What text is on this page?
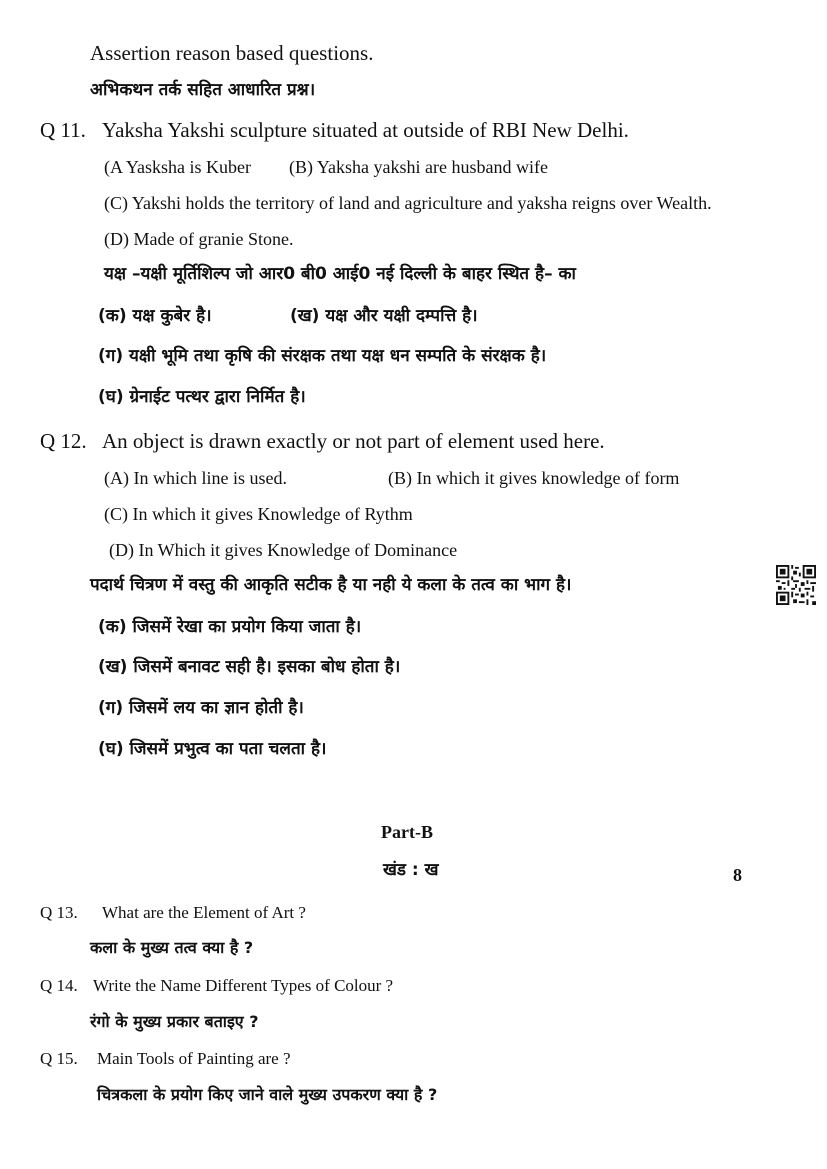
Assertion reason based questions.
अभिकथन तर्क सहित आधारित प्रश्न।
Q 11. Yaksha Yakshi sculpture situated at outside of RBI New Delhi.
(A Yasksha is Kuber (B) Yaksha yakshi are husband wife
(C) Yakshi holds the territory of land and agriculture and yaksha reigns over Wealth.
(D) Made of granie Stone.
यक्ष –यक्षी मूर्तिशिल्प जो आर0 बी0 आई0 नई दिल्ली के बाहर स्थित है– का
(क) यक्ष कुबेर है।	(ख) यक्ष और यक्षी दम्पत्ति है।
(ग) यक्षी भूमि तथा कृषि की संरक्षक तथा यक्ष धन सम्पति के संरक्षक है।
(घ) ग्रेनाईट पत्थर द्वारा निर्मित है।
Q 12. An object is drawn exactly or not part of element used here.
(A) In which line is used.	(B) In which it gives knowledge of form
(C) In which it gives Knowledge of Rythm
(D) In Which it gives Knowledge of Dominance
पदार्थ चित्रण में वस्तु की आकृति सटीक है या नही ये कला के तत्व का भाग है।
(क) जिसमें रेखा का प्रयोग किया जाता है।
(ख) जिसमें बनावट सही है। इसका बोध होता है।
(ग) जिसमें लय का ज्ञान होती है।
(घ) जिसमें प्रभुत्व का पता चलता है।
Part-B
खंड : ख	8
Q 13. What are the Element of Art ?
कला के मुख्य तत्व क्या है ?
Q 14. Write the Name Different Types of Colour ?
रंगो के मुख्य प्रकार बताइए ?
Q 15. Main Tools of Painting are ?
चित्रकला के प्रयोग किए जाने वाले मुख्य उपकरण क्या है ?
